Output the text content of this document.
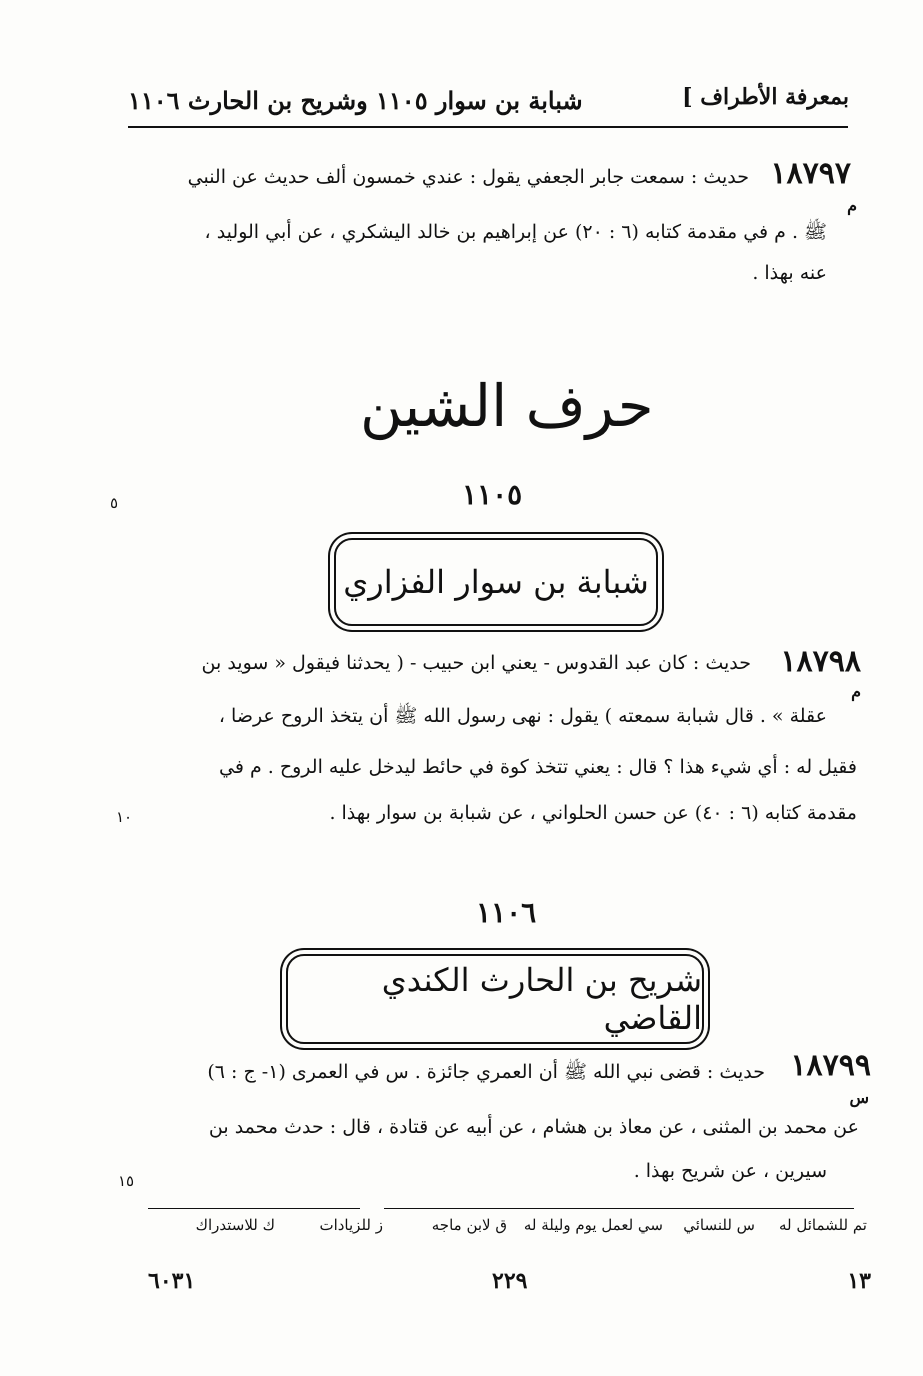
بمعرفة الأطراف ]
شبابة بن سوار ١١٠٥ وشريح بن الحارث ١١٠٦
١٨٧٩٧
م
حديث : سمعت جابر الجعفي يقول : عندي خمسون ألف حديث عن النبي
ﷺ . م في مقدمة كتابه (٦ : ٢٠) عن إبراهيم بن خالد اليشكري ، عن أبي الوليد ،
عنه بهذا .
حرف الشين
١١٠٥
٥
شبابة بن سوار الفزاري
١٨٧٩٨
م
حديث : كان عبد القدوس - يعني ابن حبيب - ( يحدثنا فيقول « سويد بن
عقلة » . قال شبابة سمعته ) يقول : نهى رسول الله ﷺ أن يتخذ الروح عرضا ،
فقيل له : أي شيء هذا ؟ قال : يعني تتخذ كوة في حائط ليدخل عليه الروح . م في
مقدمة كتابه (٦ : ٤٠) عن حسن الحلواني ، عن شبابة بن سوار بهذا .
١٠
١١٠٦
شريح بن الحارث الكندي القاضي
١٨٧٩٩
س
حديث : قضى نبي الله ﷺ أن العمري جائزة . س في العمرى (١- ج : ٦)
عن محمد بن المثنى ، عن معاذ بن هشام ، عن أبيه عن قتادة ، قال : حدث محمد بن
سيرين ، عن شريح بهذا .
١٥
تم للشمائل له
س للنسائي
سي لعمل يوم وليلة له
ق لابن ماجه
ز للزيادات
ك للاستدراك
١٣
٢٢٩
٦٠٣١
